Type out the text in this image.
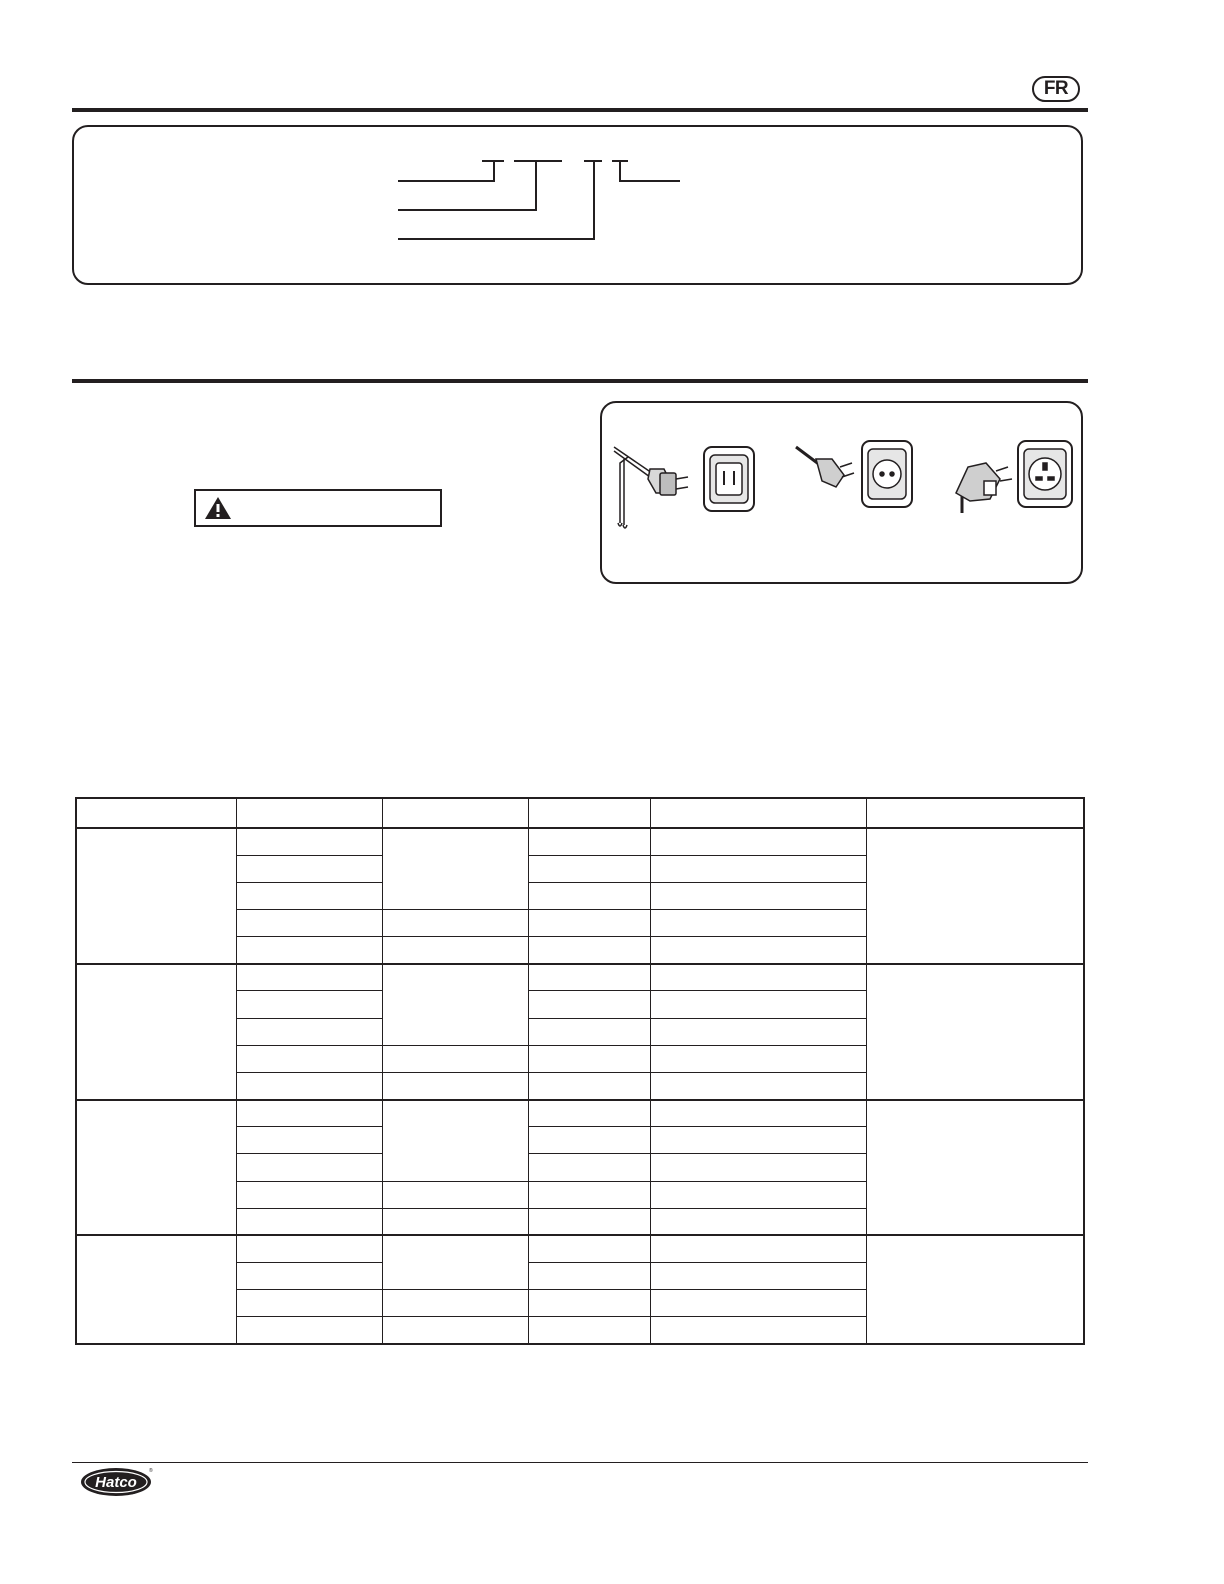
FR

Hatco
®
